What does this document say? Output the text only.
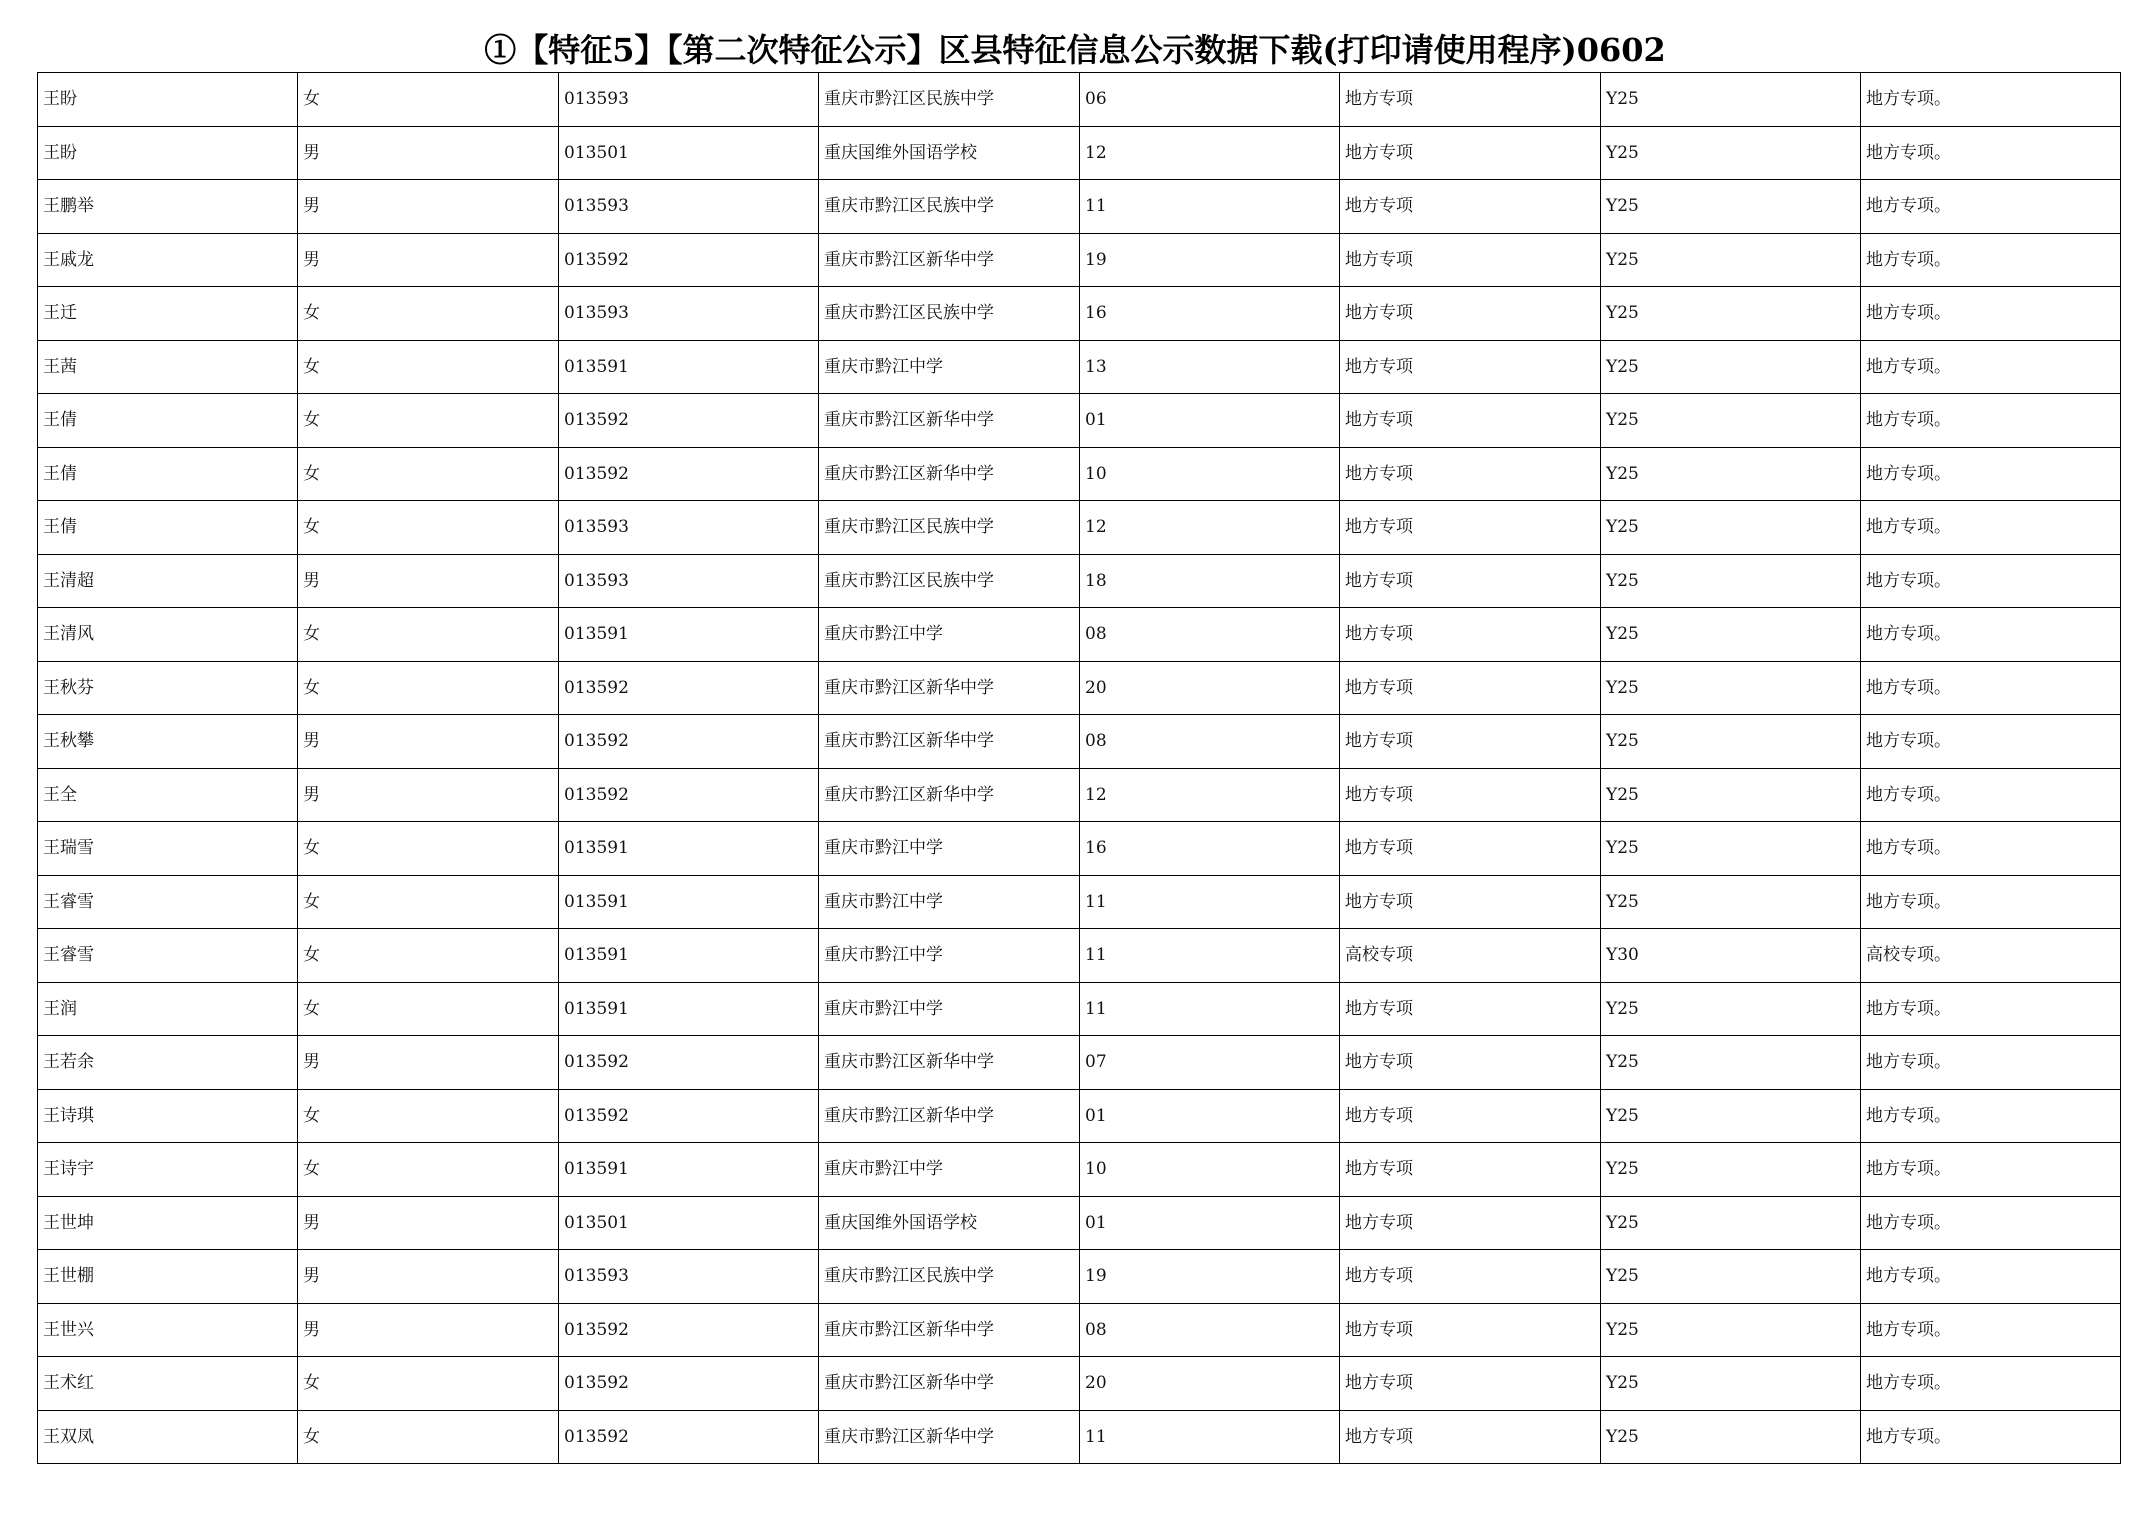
①【特征5】【第二次特征公示】区县特征信息公示数据下载(打印请使用程序)0602
王盼	女	013593	重庆市黔江区民族中学	06	地方专项	Y25	地方专项。
王盼	男	013501	重庆国维外国语学校	12	地方专项	Y25	地方专项。
王鹏举	男	013593	重庆市黔江区民族中学	11	地方专项	Y25	地方专项。
王戚龙	男	013592	重庆市黔江区新华中学	19	地方专项	Y25	地方专项。
王迁	女	013593	重庆市黔江区民族中学	16	地方专项	Y25	地方专项。
王茜	女	013591	重庆市黔江中学	13	地方专项	Y25	地方专项。
王倩	女	013592	重庆市黔江区新华中学	01	地方专项	Y25	地方专项。
王倩	女	013592	重庆市黔江区新华中学	10	地方专项	Y25	地方专项。
王倩	女	013593	重庆市黔江区民族中学	12	地方专项	Y25	地方专项。
王清超	男	013593	重庆市黔江区民族中学	18	地方专项	Y25	地方专项。
王清风	女	013591	重庆市黔江中学	08	地方专项	Y25	地方专项。
王秋芬	女	013592	重庆市黔江区新华中学	20	地方专项	Y25	地方专项。
王秋攀	男	013592	重庆市黔江区新华中学	08	地方专项	Y25	地方专项。
王全	男	013592	重庆市黔江区新华中学	12	地方专项	Y25	地方专项。
王瑞雪	女	013591	重庆市黔江中学	16	地方专项	Y25	地方专项。
王睿雪	女	013591	重庆市黔江中学	11	地方专项	Y25	地方专项。
王睿雪	女	013591	重庆市黔江中学	11	高校专项	Y30	高校专项。
王润	女	013591	重庆市黔江中学	11	地方专项	Y25	地方专项。
王若余	男	013592	重庆市黔江区新华中学	07	地方专项	Y25	地方专项。
王诗琪	女	013592	重庆市黔江区新华中学	01	地方专项	Y25	地方专项。
王诗宇	女	013591	重庆市黔江中学	10	地方专项	Y25	地方专项。
王世坤	男	013501	重庆国维外国语学校	01	地方专项	Y25	地方专项。
王世棚	男	013593	重庆市黔江区民族中学	19	地方专项	Y25	地方专项。
王世兴	男	013592	重庆市黔江区新华中学	08	地方专项	Y25	地方专项。
王术红	女	013592	重庆市黔江区新华中学	20	地方专项	Y25	地方专项。
王双凤	女	013592	重庆市黔江区新华中学	11	地方专项	Y25	地方专项。
